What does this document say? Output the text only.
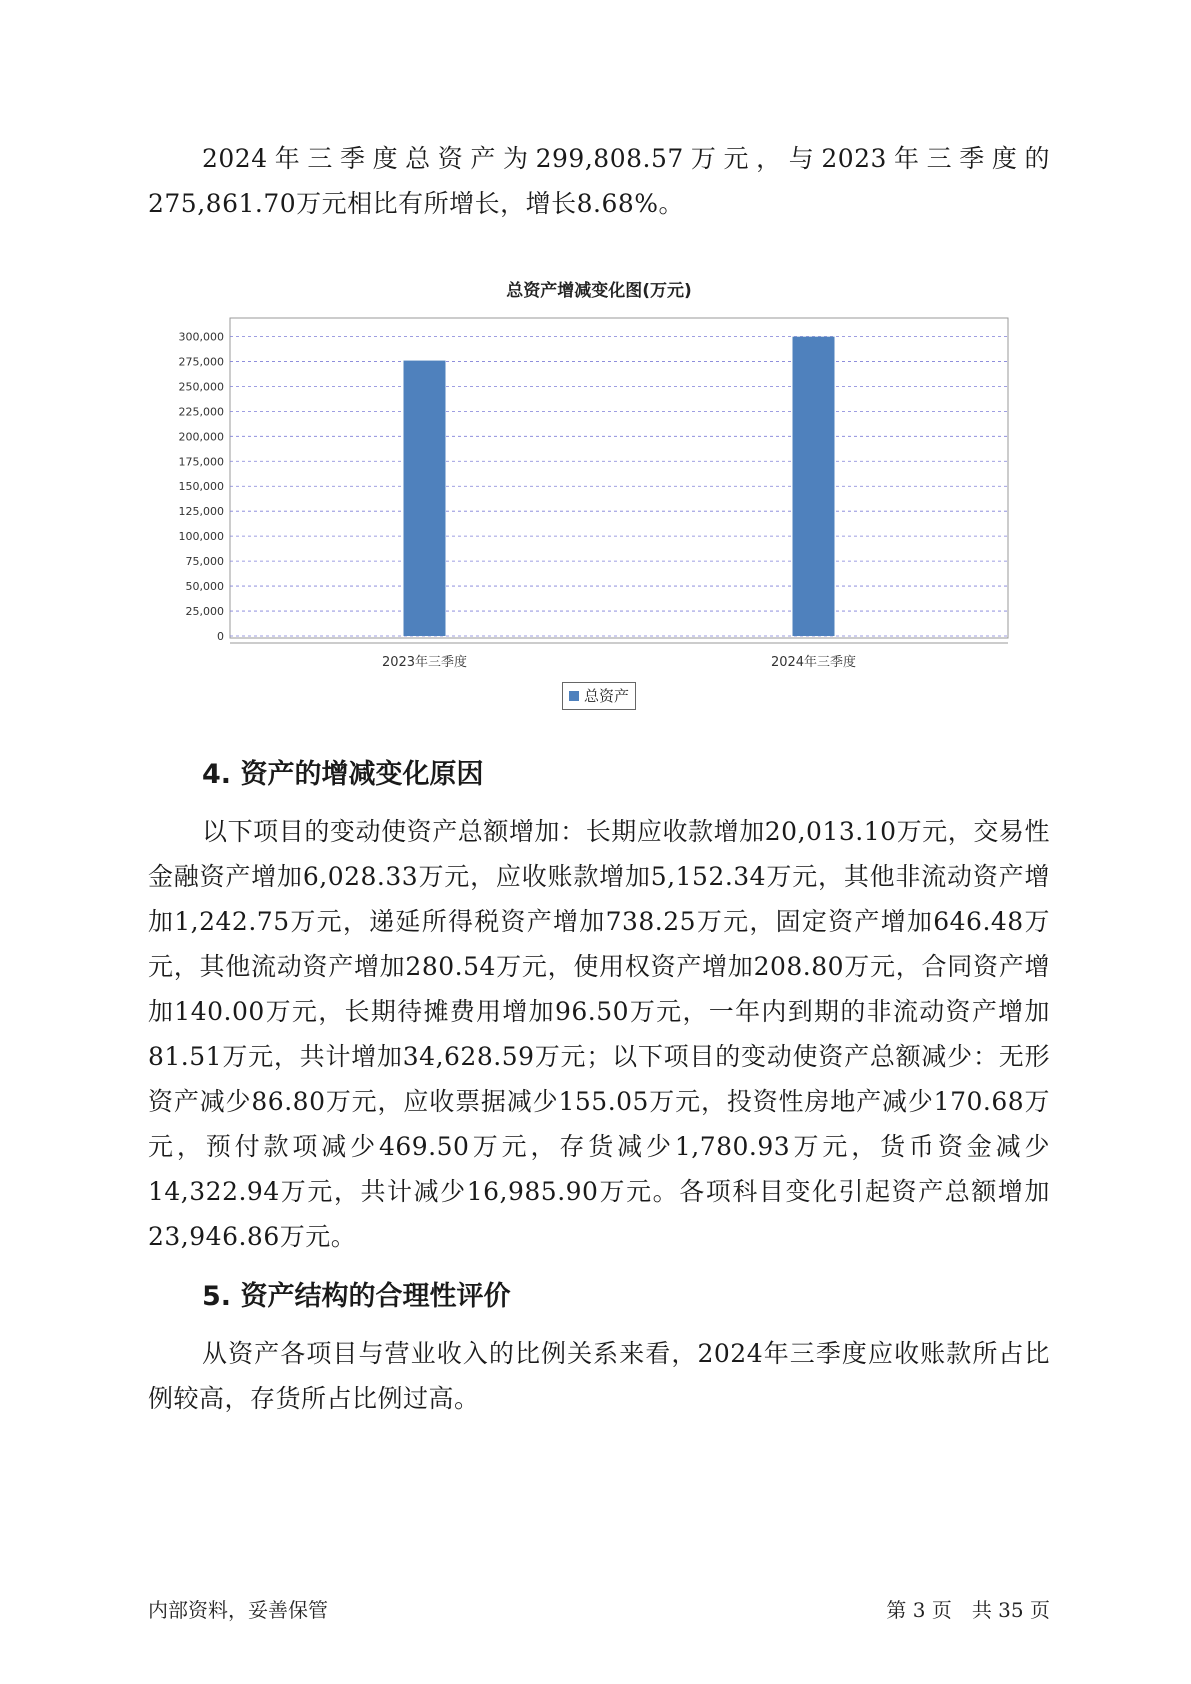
2024年三季度总资产为299,808.57万元，与2023年三季度的275,861.70万元相比有所增长，增长8.68%。

总资产增减变化图(万元)
0
25,000
50,000
75,000
100,000
125,000
150,000
175,000
200,000
225,000
250,000
275,000
300,000
2023年三季度	2024年三季度
总资产
4. 资产的增减变化原因

以下项目的变动使资产总额增加：长期应收款增加20,013.10万元，交易性金融资产增加6,028.33万元，应收账款增加5,152.34万元，其他非流动资产增加1,242.75万元，递延所得税资产增加738.25万元，固定资产增加646.48万元，其他流动资产增加280.54万元，使用权资产增加208.80万元，合同资产增加140.00万元，长期待摊费用增加96.50万元，一年内到期的非流动资产增加81.51万元，共计增加34,628.59万元；以下项目的变动使资产总额减少：无形资产减少86.80万元，应收票据减少155.05万元，投资性房地产减少170.68万元，预付款项减少469.50万元，存货减少1,780.93万元，货币资金减少14,322.94万元，共计减少16,985.90万元。各项科目变化引起资产总额增加23,946.86万元。

5. 资产结构的合理性评价

从资产各项目与营业收入的比例关系来看，2024年三季度应收账款所占比例较高，存货所占比例过高。

内部资料，妥善保管	第 3 页　共 35 页
